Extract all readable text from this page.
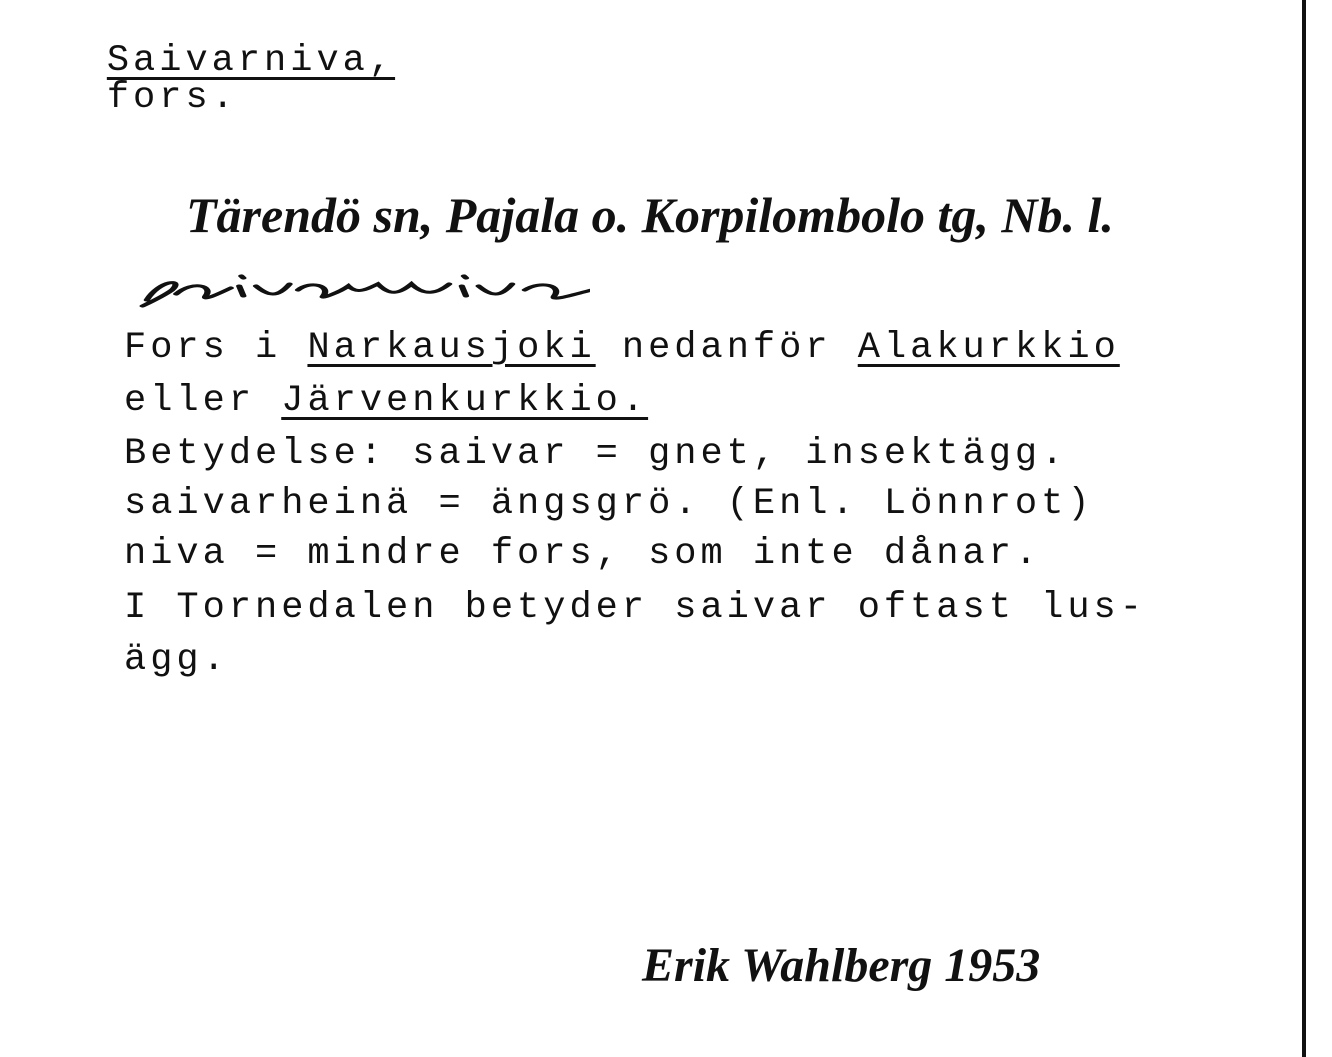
Saivarniva,
fors.

Tärendö sn, Pajala o. Korpilombolo tg, Nb. l.
Fors i Narkausjoki nedanför Alakurkkio
eller Järvenkurkkio.
Betydelse: saivar = gnet, insektägg.
saivarheinä = ängsgrö. (Enl. Lönnrot)
niva = mindre fors, som inte dånar.
I Tornedalen betyder saivar oftast lus-
ägg.
Erik Wahlberg 1953
